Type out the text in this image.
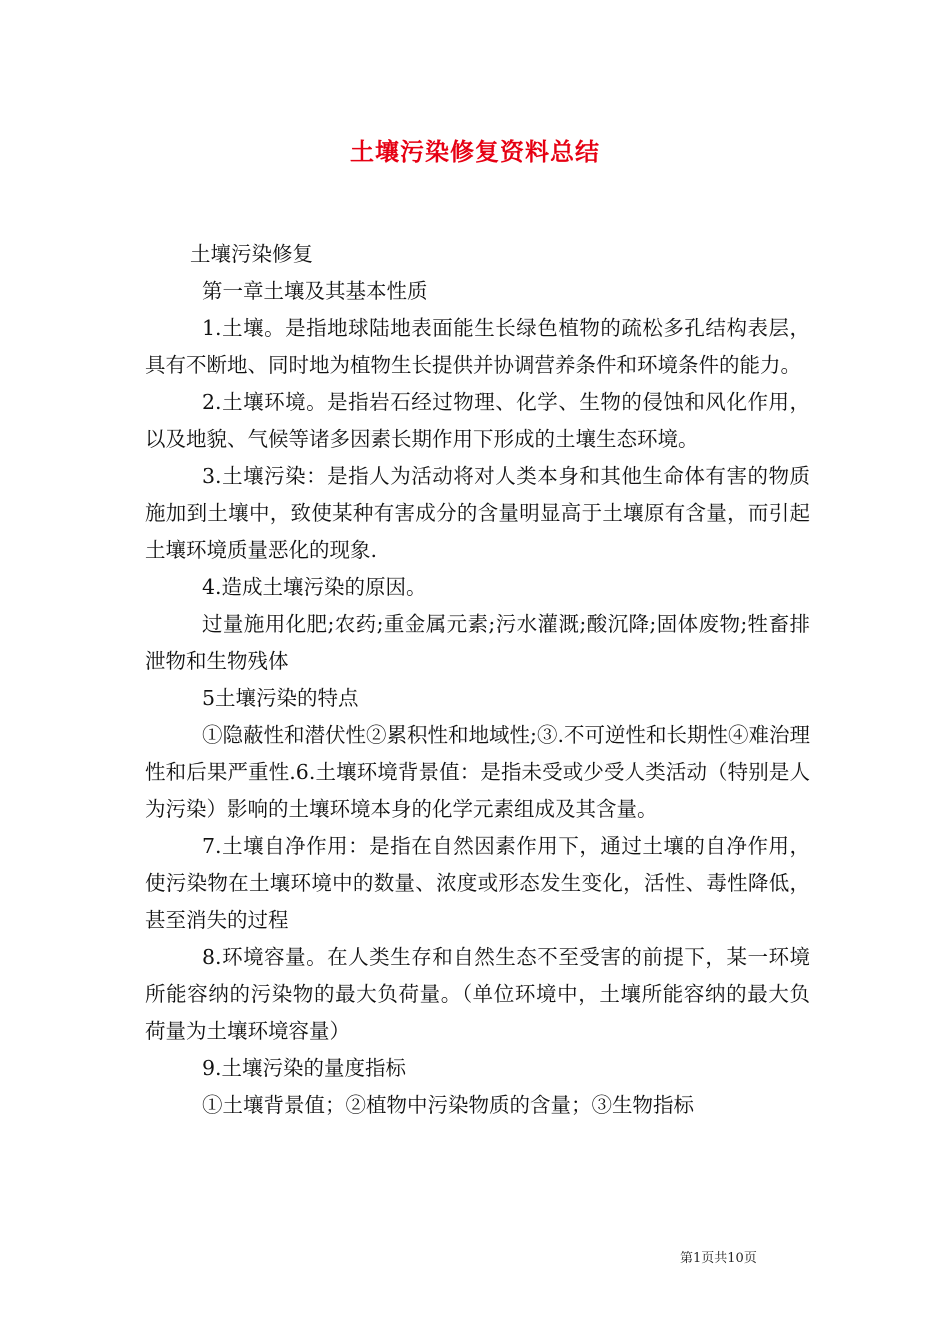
土壤污染修复资料总结

土壤污染修复

第一章土壤及其基本性质

1.土壤。是指地球陆地表面能生长绿色植物的疏松多孔结构表层，具有不断地、同时地为植物生长提供并协调营养条件和环境条件的能力。

2.土壤环境。是指岩石经过物理、化学、生物的侵蚀和风化作用，以及地貌、气候等诸多因素长期作用下形成的土壤生态环境。

3.土壤污染：是指人为活动将对人类本身和其他生命体有害的物质施加到土壤中，致使某种有害成分的含量明显高于土壤原有含量，而引起土壤环境质量恶化的现象.

4.造成土壤污染的原因。

过量施用化肥;农药;重金属元素;污水灌溉;酸沉降;固体废物;牲畜排泄物和生物残体

5土壤污染的特点

①隐蔽性和潜伏性②累积性和地域性;③.不可逆性和长期性④难治理性和后果严重性.6.土壤环境背景值：是指未受或少受人类活动（特别是人为污染）影响的土壤环境本身的化学元素组成及其含量。

7.土壤自净作用：是指在自然因素作用下，通过土壤的自净作用，使污染物在土壤环境中的数量、浓度或形态发生变化，活性、毒性降低，甚至消失的过程

8.环境容量。在人类生存和自然生态不至受害的前提下，某一环境所能容纳的污染物的最大负荷量。（单位环境中，土壤所能容纳的最大负荷量为土壤环境容量）

9.土壤污染的量度指标

①土壤背景值；②植物中污染物质的含量；③生物指标

第1页共10页
